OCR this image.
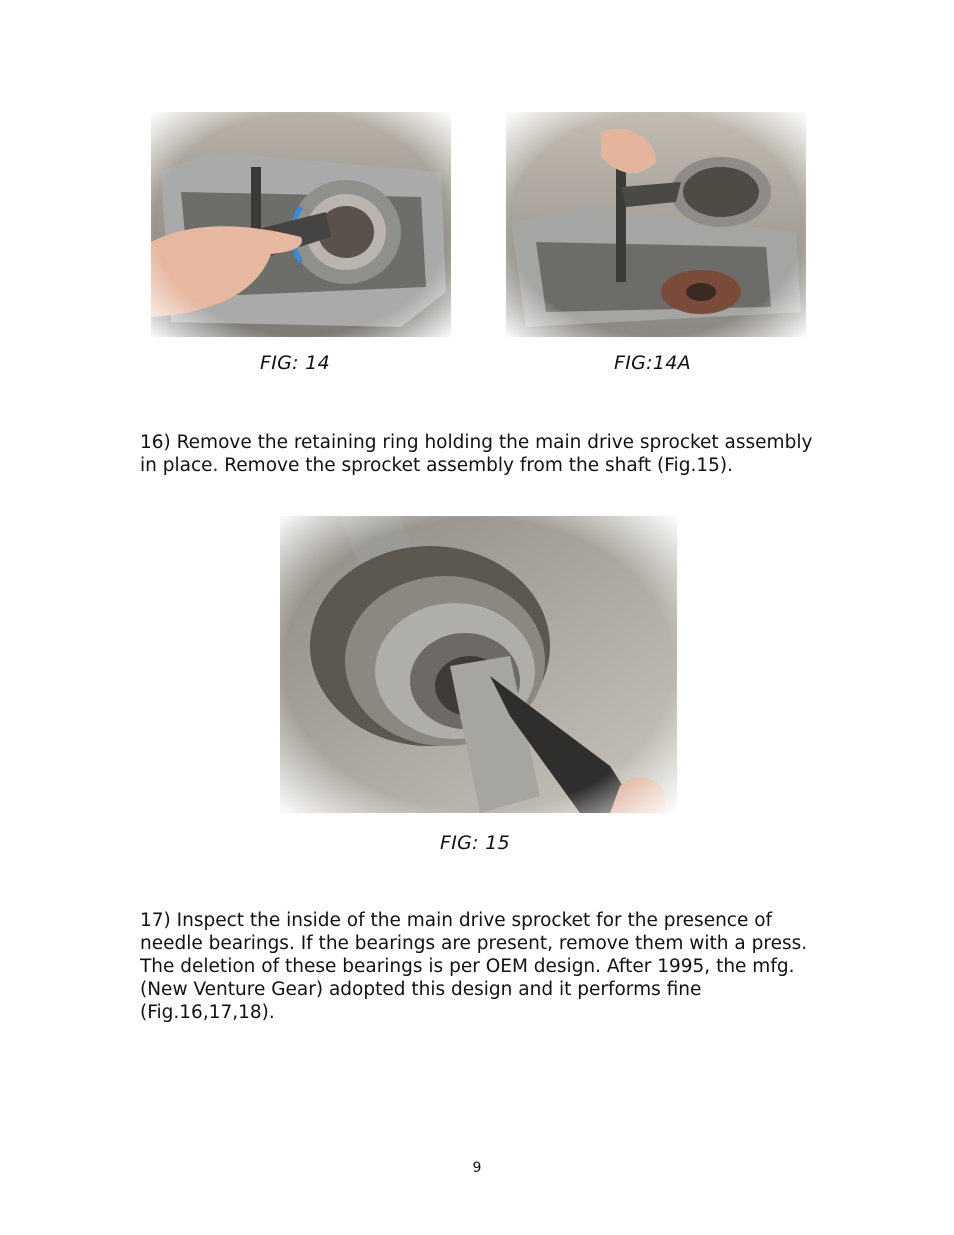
FIG: 14	FIG:14A

16) Remove the retaining ring holding the main drive sprocket assembly in place. Remove the sprocket assembly from the shaft (Fig.15).

FIG: 15

17) Inspect the inside of the main drive sprocket for the presence of needle bearings. If the bearings are present, remove them with a press. The deletion of these bearings is per OEM design. After 1995, the mfg. (New Venture Gear) adopted this design and it performs fine (Fig.16,17,18).

9
